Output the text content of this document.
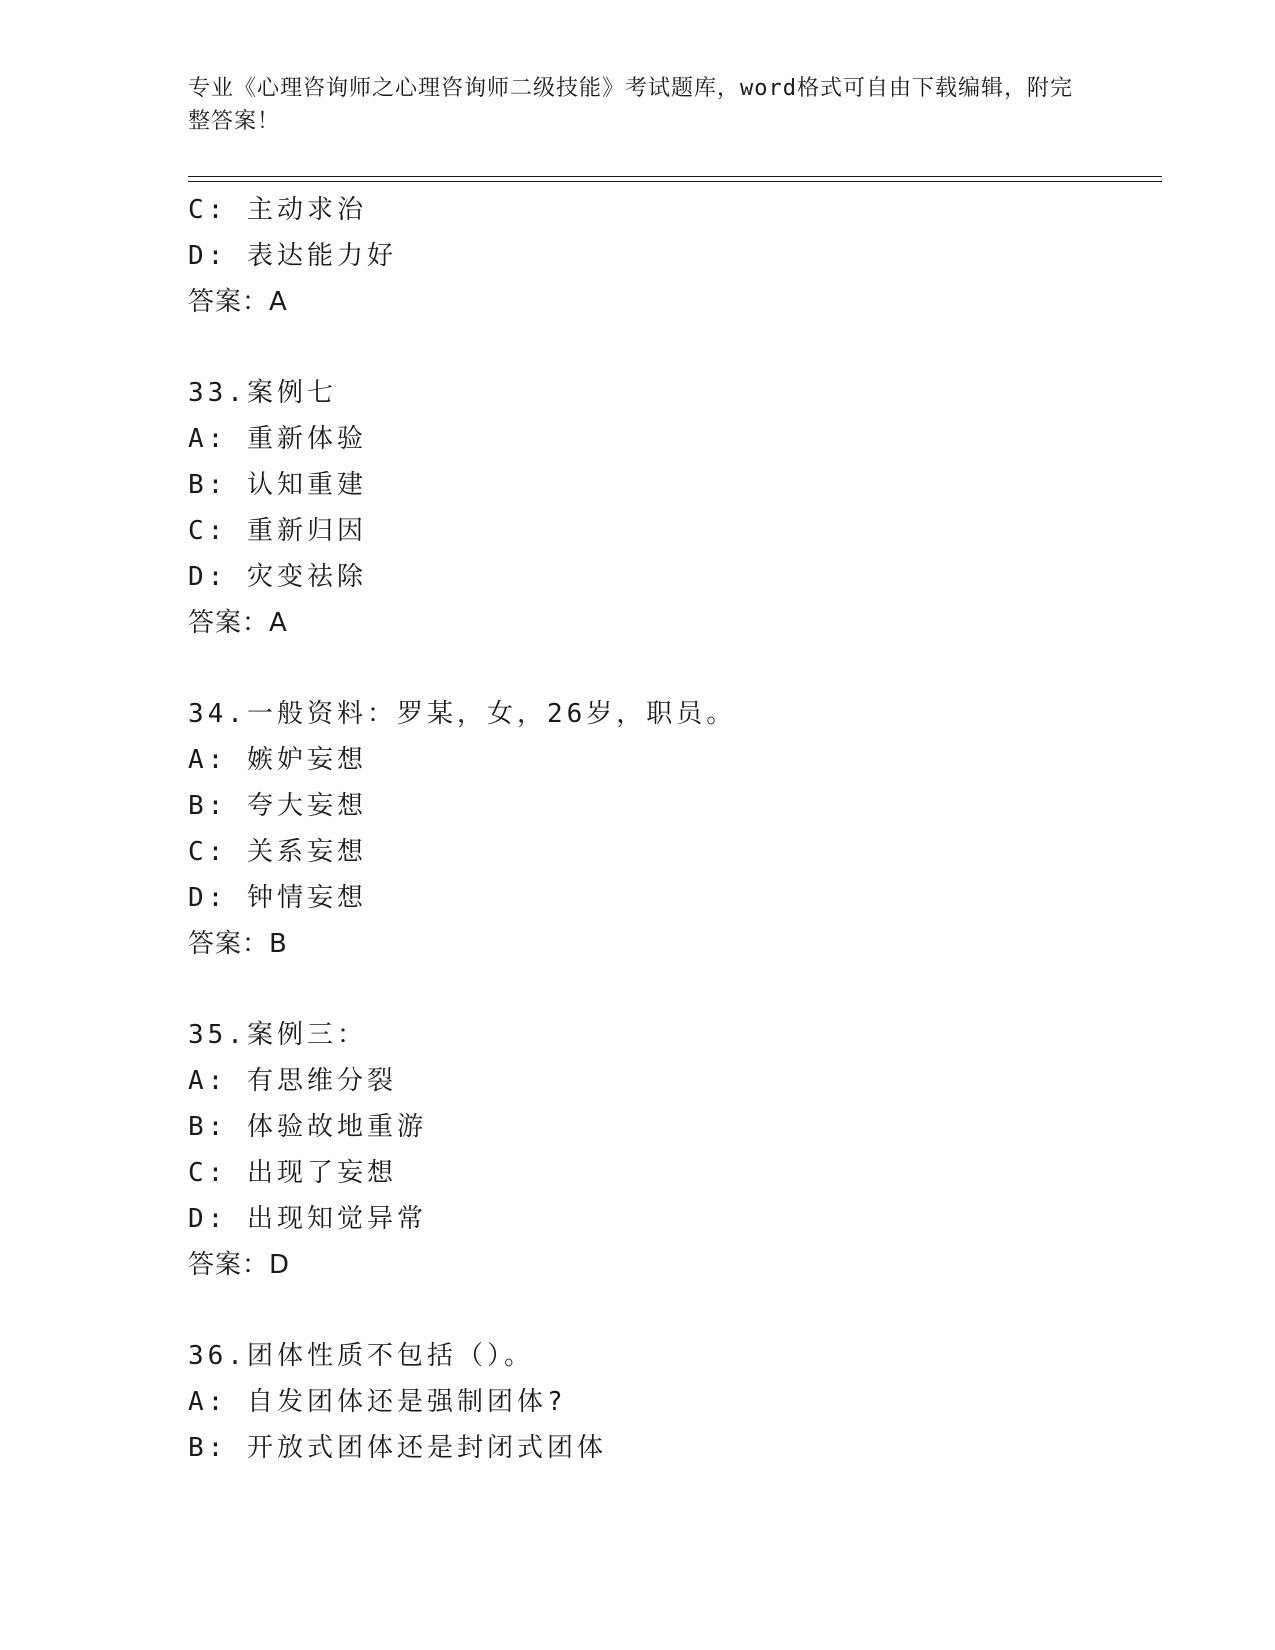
专业《心理咨询师之心理咨询师二级技能》考试题库，word格式可自由下载编辑，附完整答案！
C: 主动求治
D: 表达能力好
答案：A
33.案例七
A: 重新体验
B: 认知重建
C: 重新归因
D: 灾变祛除
答案：A
34.一般资料：罗某，女，26岁，职员。
A: 嫉妒妄想
B: 夸大妄想
C: 关系妄想
D: 钟情妄想
答案：B
35.案例三：
A: 有思维分裂
B: 体验故地重游
C: 出现了妄想
D: 出现知觉异常
答案：D
36.团体性质不包括（）。
A: 自发团体还是强制团体?
B: 开放式团体还是封闭式团体
